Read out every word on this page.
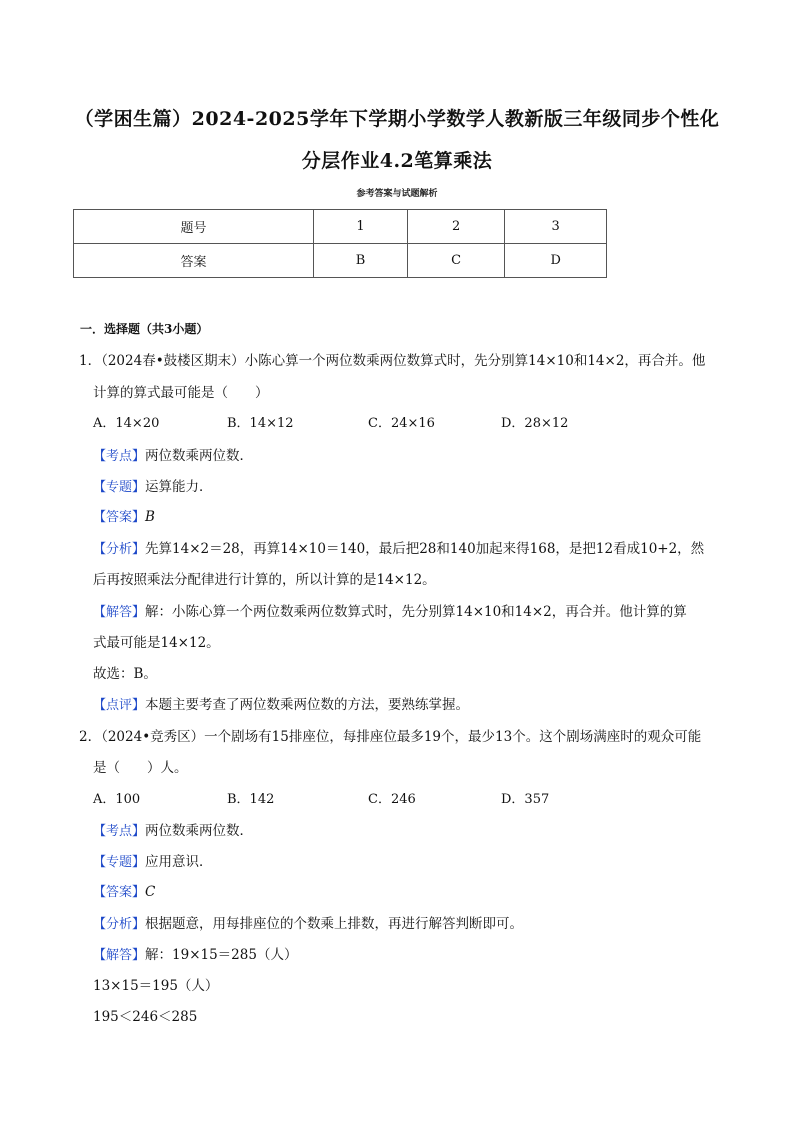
（学困生篇）2024-2025学年下学期小学数学人教新版三年级同步个性化
分层作业4.2笔算乘法
参考答案与试题解析
题号	1	2	3
答案	B	C	D
一．选择题（共3小题）
1．（2024春•鼓楼区期末）小陈心算一个两位数乘两位数算式时，先分别算14×10和14×2，再合并。他
计算的算式最可能是（　　）
A．14×20	B．14×12	C．24×16	D．28×12
【考点】两位数乘两位数．
【专题】运算能力．
【答案】B
【分析】先算14×2＝28，再算14×10＝140，最后把28和140加起来得168，是把12看成10+2，然
后再按照乘法分配律进行计算的，所以计算的是14×12。
【解答】解：小陈心算一个两位数乘两位数算式时，先分别算14×10和14×2，再合并。他计算的算
式最可能是14×12。
故选：B。
【点评】本题主要考查了两位数乘两位数的方法，要熟练掌握。
2．（2024•竞秀区）一个剧场有15排座位，每排座位最多19个，最少13个。这个剧场满座时的观众可能
是（　　）人。
A．100	B．142	C．246	D．357
【考点】两位数乘两位数．
【专题】应用意识．
【答案】C
【分析】根据题意，用每排座位的个数乘上排数，再进行解答判断即可。
【解答】解：19×15＝285（人）
13×15＝195（人）
195＜246＜285
